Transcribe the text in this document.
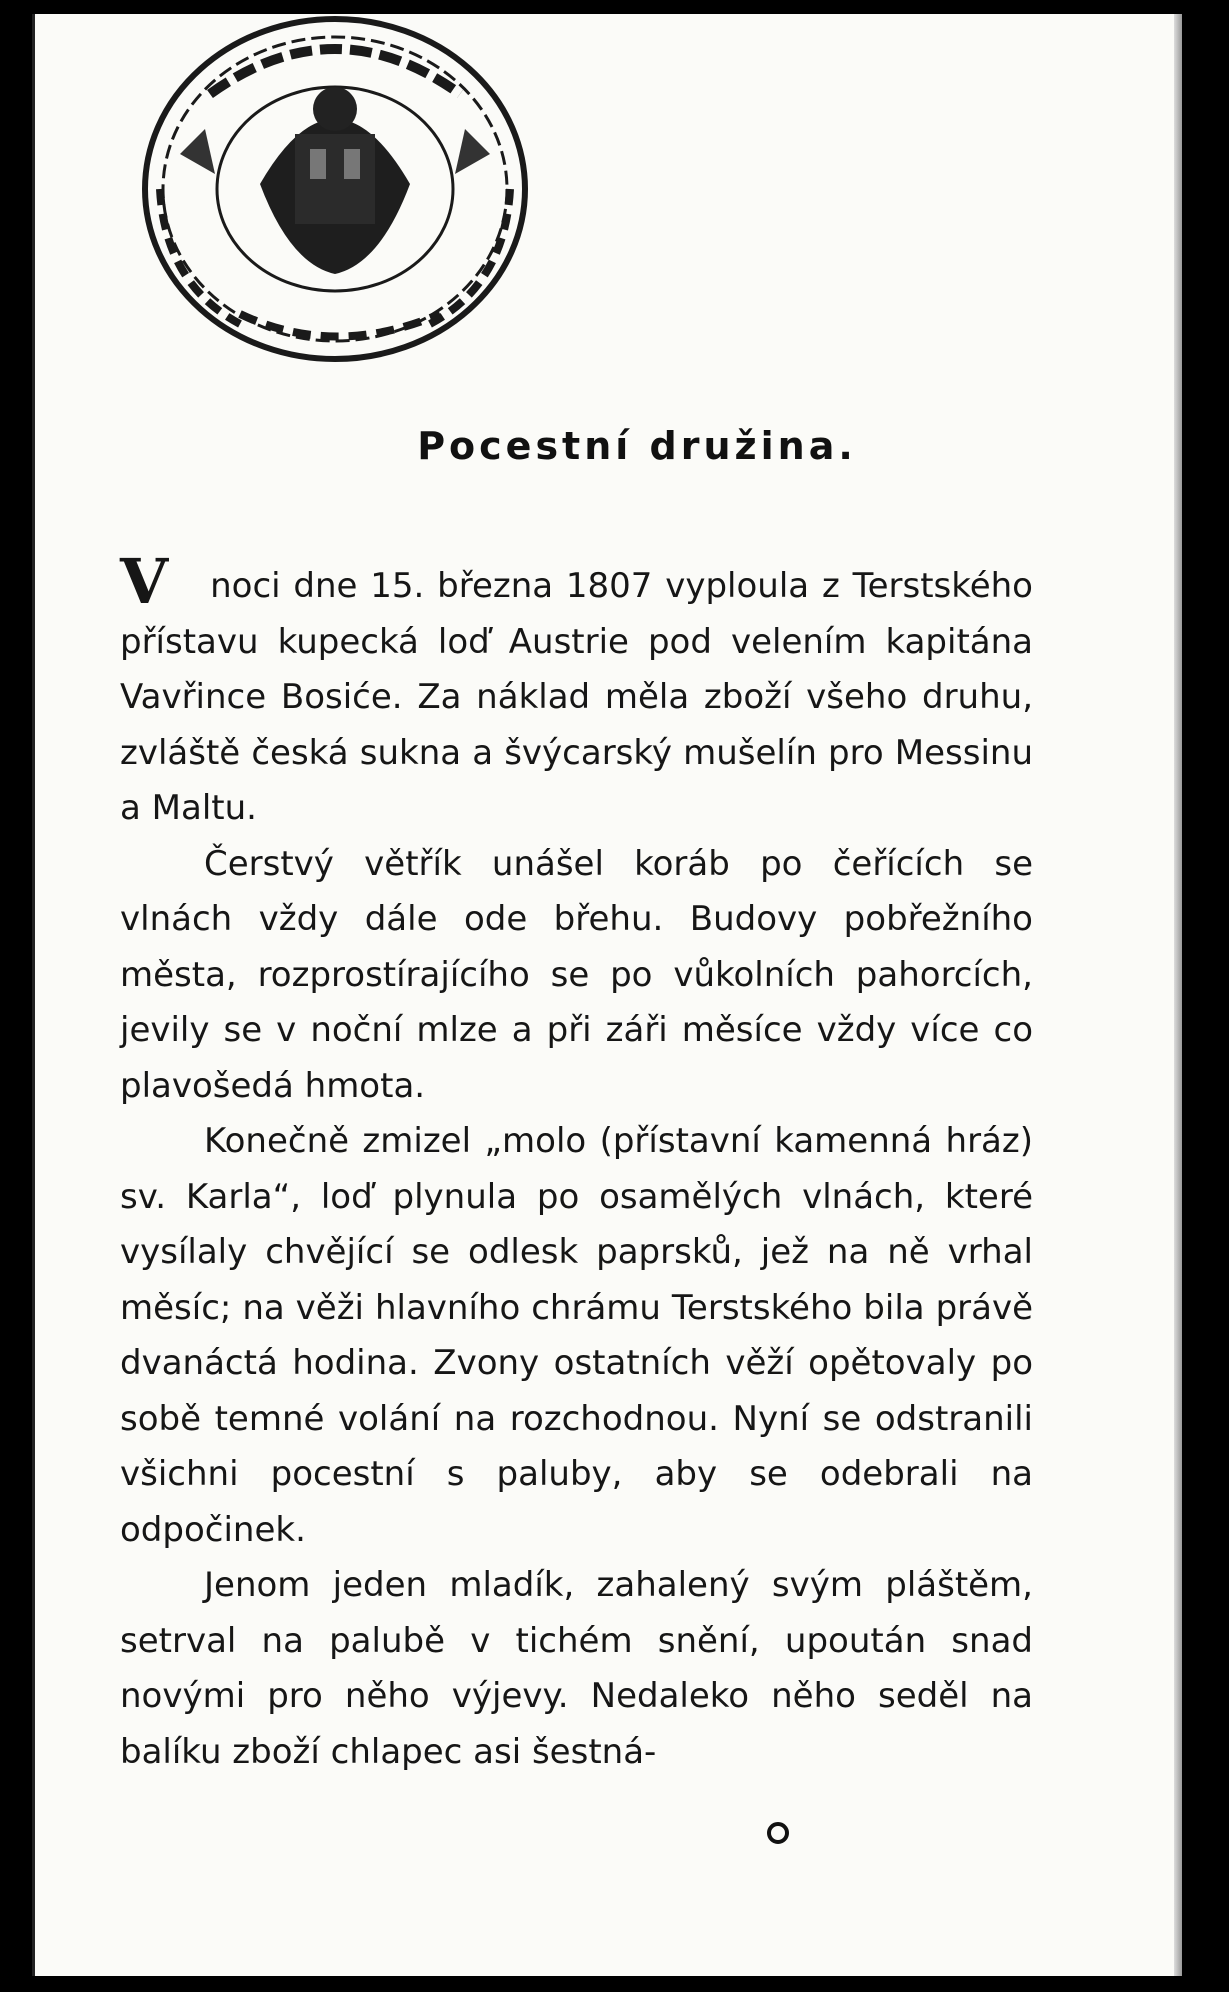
Pocestní družina.

V noci dne 15. března 1807 vyploula z Terstského přístavu kupecká loď Austrie pod velením kapitána Vavřince Bosiće. Za náklad měla zboží všeho druhu, zvláště česká sukna a švýcarský mušelín pro Messinu a Maltu.

Čerstvý větřík unášel koráb po čeřících se vlnách vždy dále ode břehu. Budovy pobřežního města, rozprostírajícího se po vůkolních pahorcích, jevily se v noční mlze a při záři měsíce vždy více co plavošedá hmota.

Konečně zmizel „molo (přístavní kamenná hráz) sv. Karla“, loď plynula po osamělých vlnách, které vysílaly chvějící se odlesk paprsků, jež na ně vrhal měsíc; na věži hlavního chrámu Terstského bila právě dvanáctá hodina. Zvony ostatních věží opětovaly po sobě temné volání na rozchodnou. Nyní se odstranili všichni pocestní s paluby, aby se odebrali na odpočinek.

Jenom jeden mladík, zahalený svým pláštěm, setrval na palubě v tichém snění, upoután snad novými pro něho výjevy. Nedaleko něho seděl na balíku zboží chlapec asi šestná-
